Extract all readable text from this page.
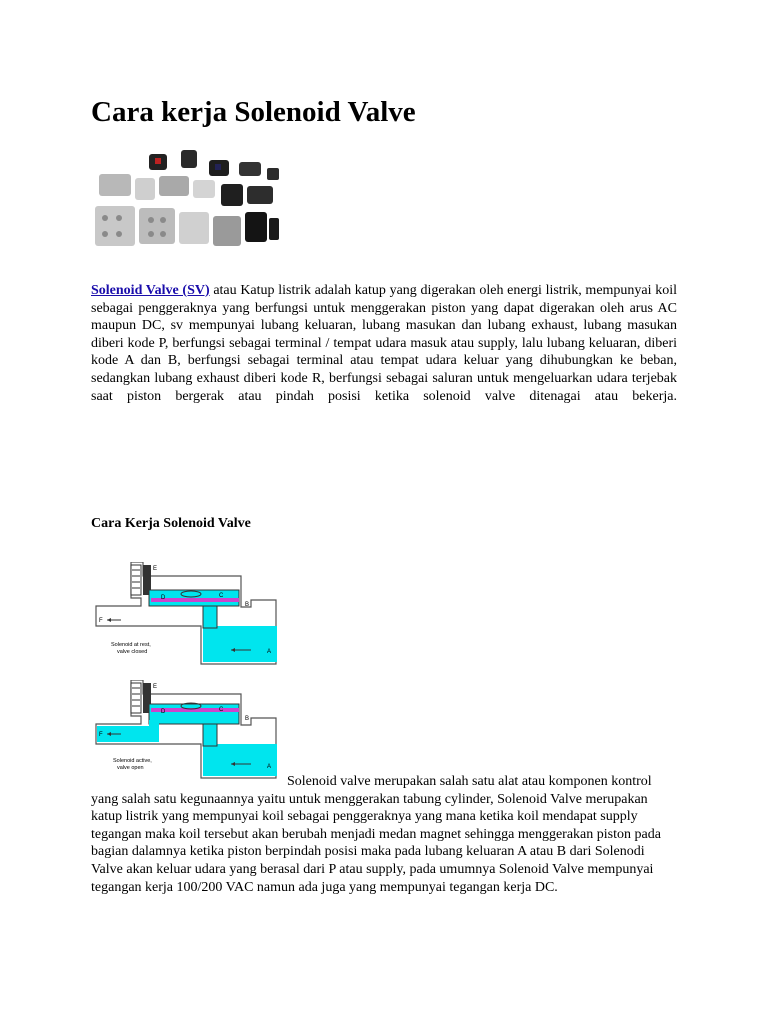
Cara kerja Solenoid Valve

Solenoid Valve (SV) atau Katup listrik adalah katup yang digerakan oleh energi listrik, mempunyai koil sebagai penggeraknya yang berfungsi untuk menggerakan piston yang dapat digerakan oleh arus AC maupun DC, sv mempunyai lubang keluaran, lubang masukan dan lubang exhaust, lubang masukan diberi kode P, berfungsi sebagai terminal / tempat udara masuk atau supply, lalu lubang keluaran, diberi kode A dan B, berfungsi sebagai terminal atau tempat udara keluar yang dihubungkan ke beban, sedangkan lubang exhaust diberi kode R, berfungsi sebagai saluran untuk mengeluarkan udara terjebak saat piston bergerak atau pindah posisi ketika solenoid valve ditenagai atau bekerja.

Cara Kerja Solenoid Valve
E
D	C
B
F
A
Solenoid at rest,
valve closed
E
D	C
B
F
A
Solenoid active,
valve open

Solenoid valve merupakan salah satu alat atau komponen kontrol yang salah satu kegunaannya yaitu untuk menggerakan tabung cylinder, Solenoid Valve merupakan katup listrik yang mempunyai koil sebagai penggeraknya yang mana ketika koil mendapat supply tegangan maka koil tersebut akan berubah menjadi medan magnet sehingga menggerakan piston pada bagian dalamnya ketika piston berpindah posisi maka pada lubang keluaran A atau B dari Solenodi Valve akan keluar udara yang berasal dari P atau supply, pada umumnya Solenoid Valve mempunyai tegangan kerja 100/200 VAC namun ada juga yang mempunyai tegangan kerja DC.
